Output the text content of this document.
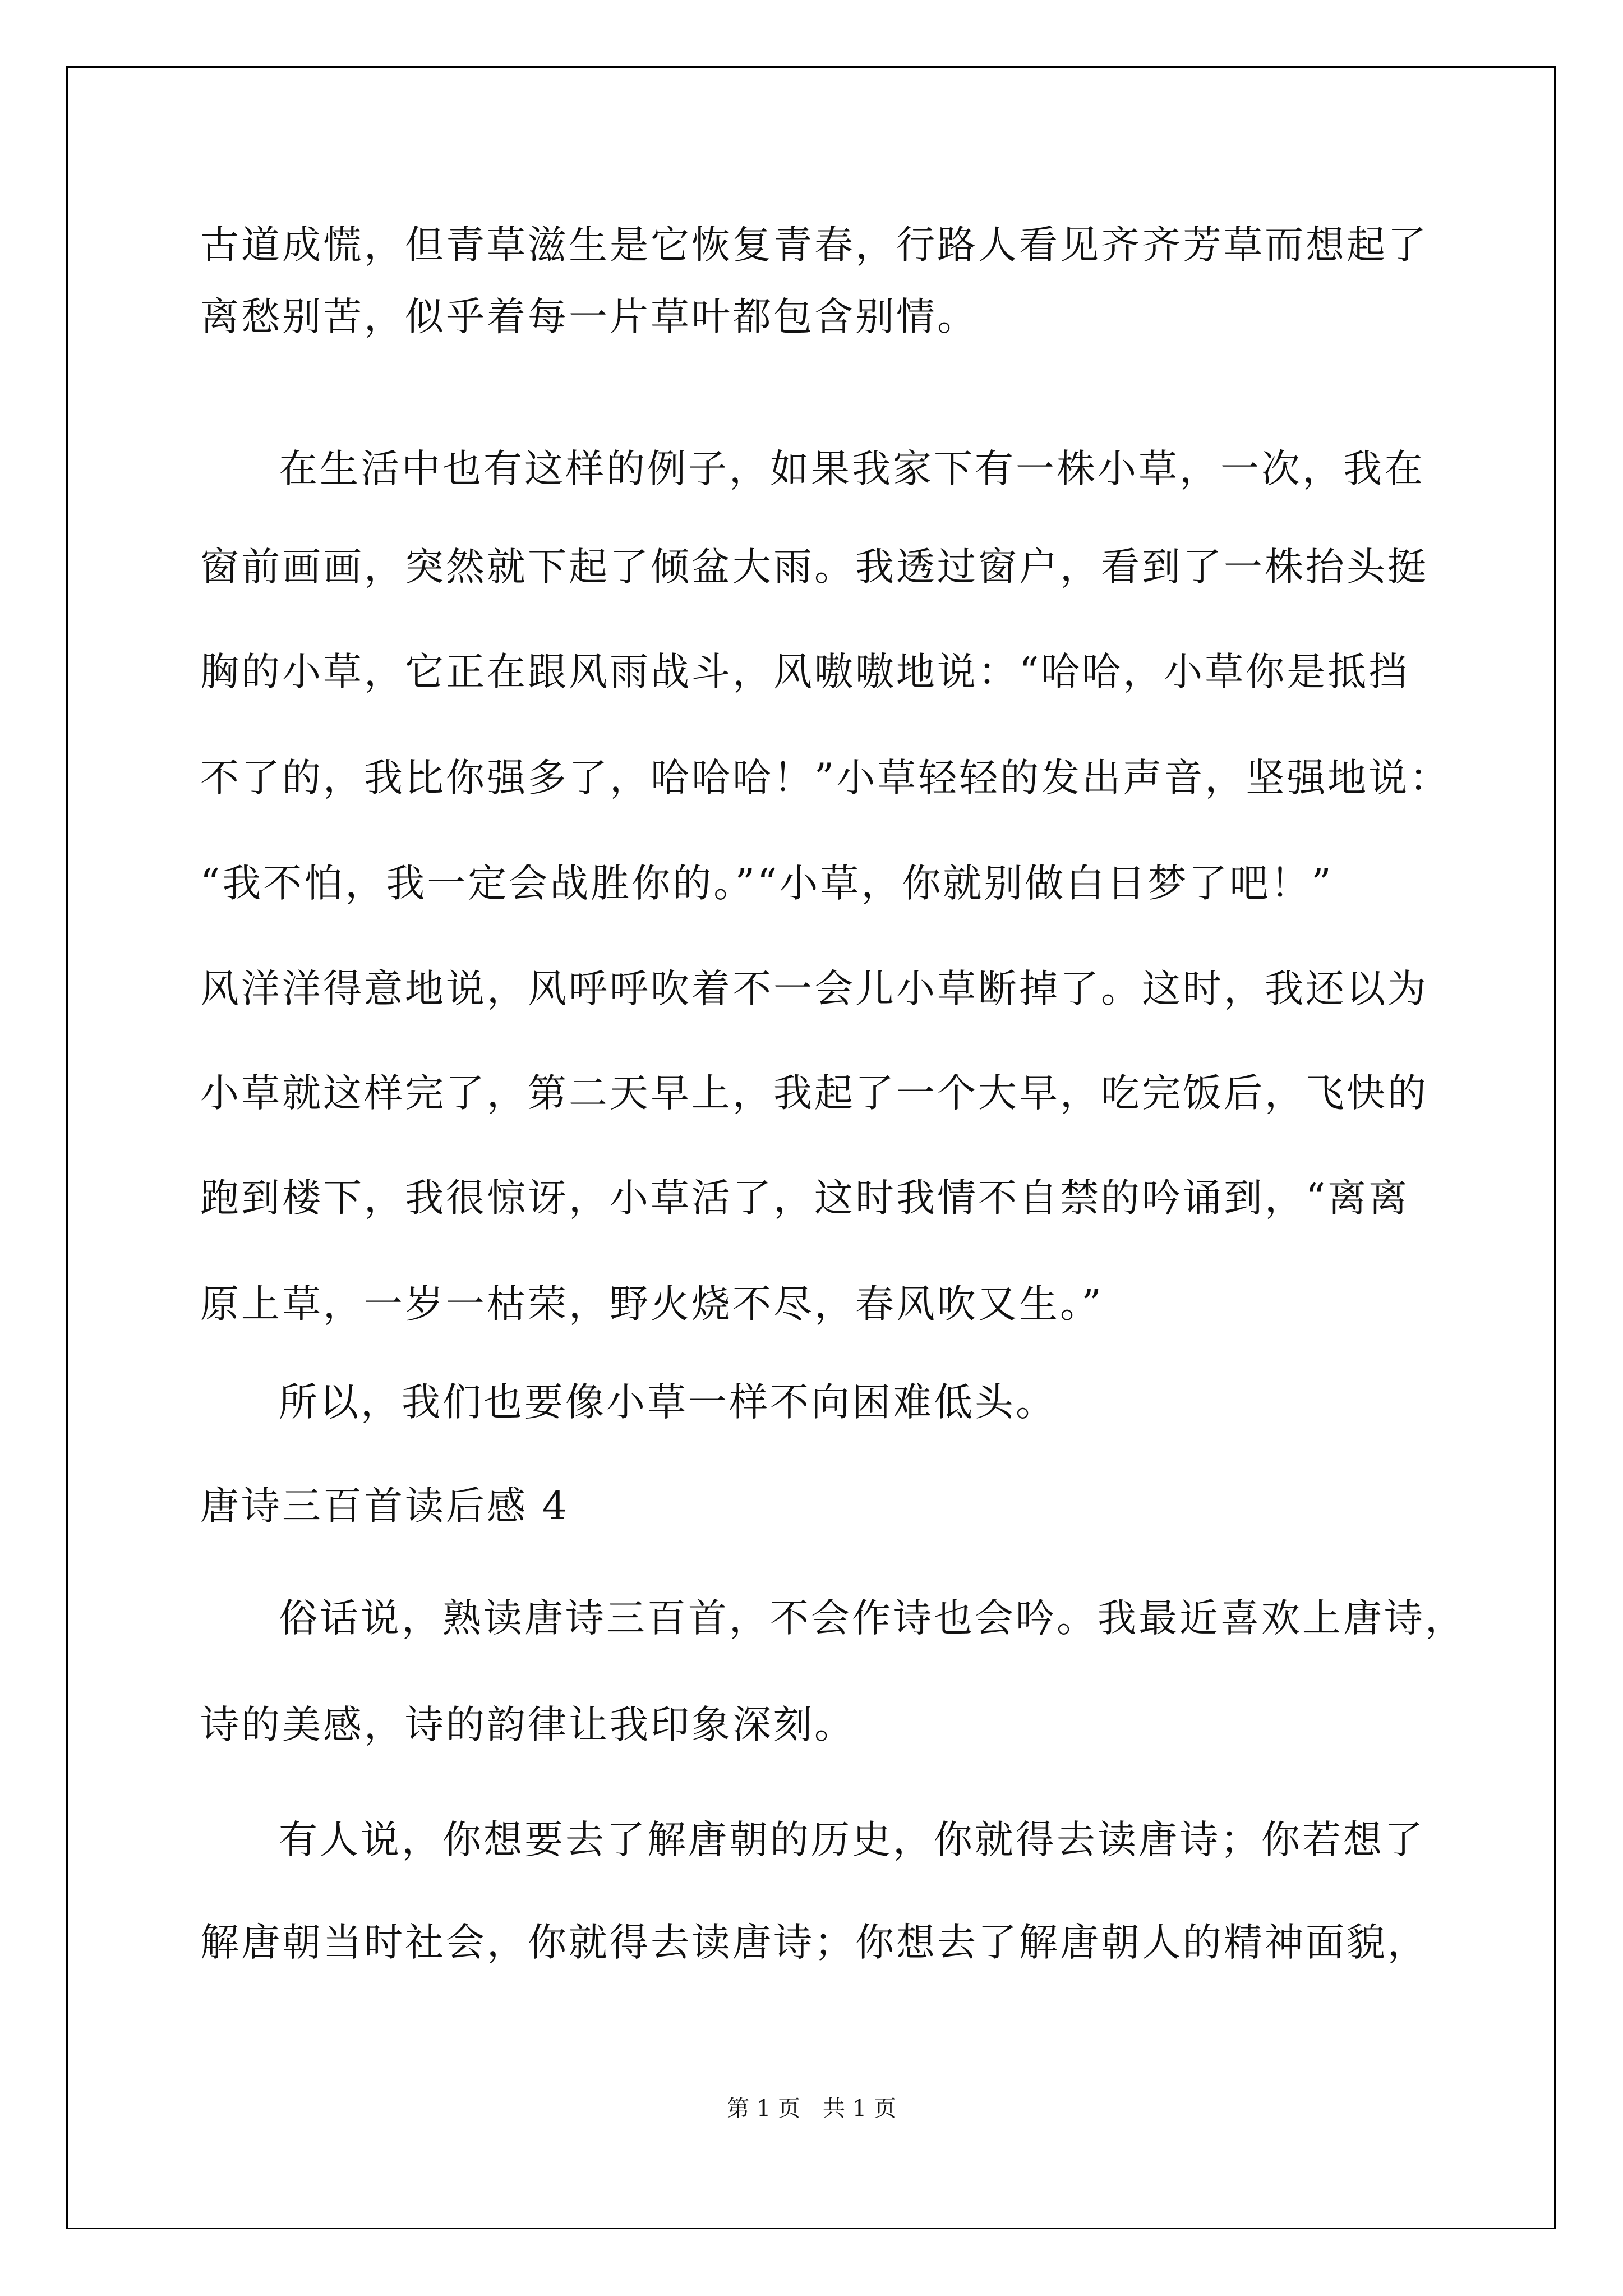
古道成慌，但青草滋生是它恢复青春，行路人看见齐齐芳草而想起了

离愁别苦，似乎着每一片草叶都包含别情。

在生活中也有这样的例子，如果我家下有一株小草，一次，我在

窗前画画，突然就下起了倾盆大雨。我透过窗户，看到了一株抬头挺

胸的小草，它正在跟风雨战斗，风嗷嗷地说：“哈哈，小草你是抵挡

不了的，我比你强多了，哈哈哈！”小草轻轻的发出声音，坚强地说：

“我不怕，我一定会战胜你的。”“小草，你就别做白日梦了吧！”

风洋洋得意地说，风呼呼吹着不一会儿小草断掉了。这时，我还以为

小草就这样完了，第二天早上，我起了一个大早，吃完饭后，飞快的

跑到楼下，我很惊讶，小草活了，这时我情不自禁的吟诵到，“离离

原上草，一岁一枯荣，野火烧不尽，春风吹又生。”

所以，我们也要像小草一样不向困难低头。

唐诗三百首读后感 4

俗话说，熟读唐诗三百首，不会作诗也会吟。我最近喜欢上唐诗，

诗的美感，诗的韵律让我印象深刻。

有人说，你想要去了解唐朝的历史，你就得去读唐诗；你若想了

解唐朝当时社会，你就得去读唐诗；你想去了解唐朝人的精神面貌，

第 1 页　共 1 页
